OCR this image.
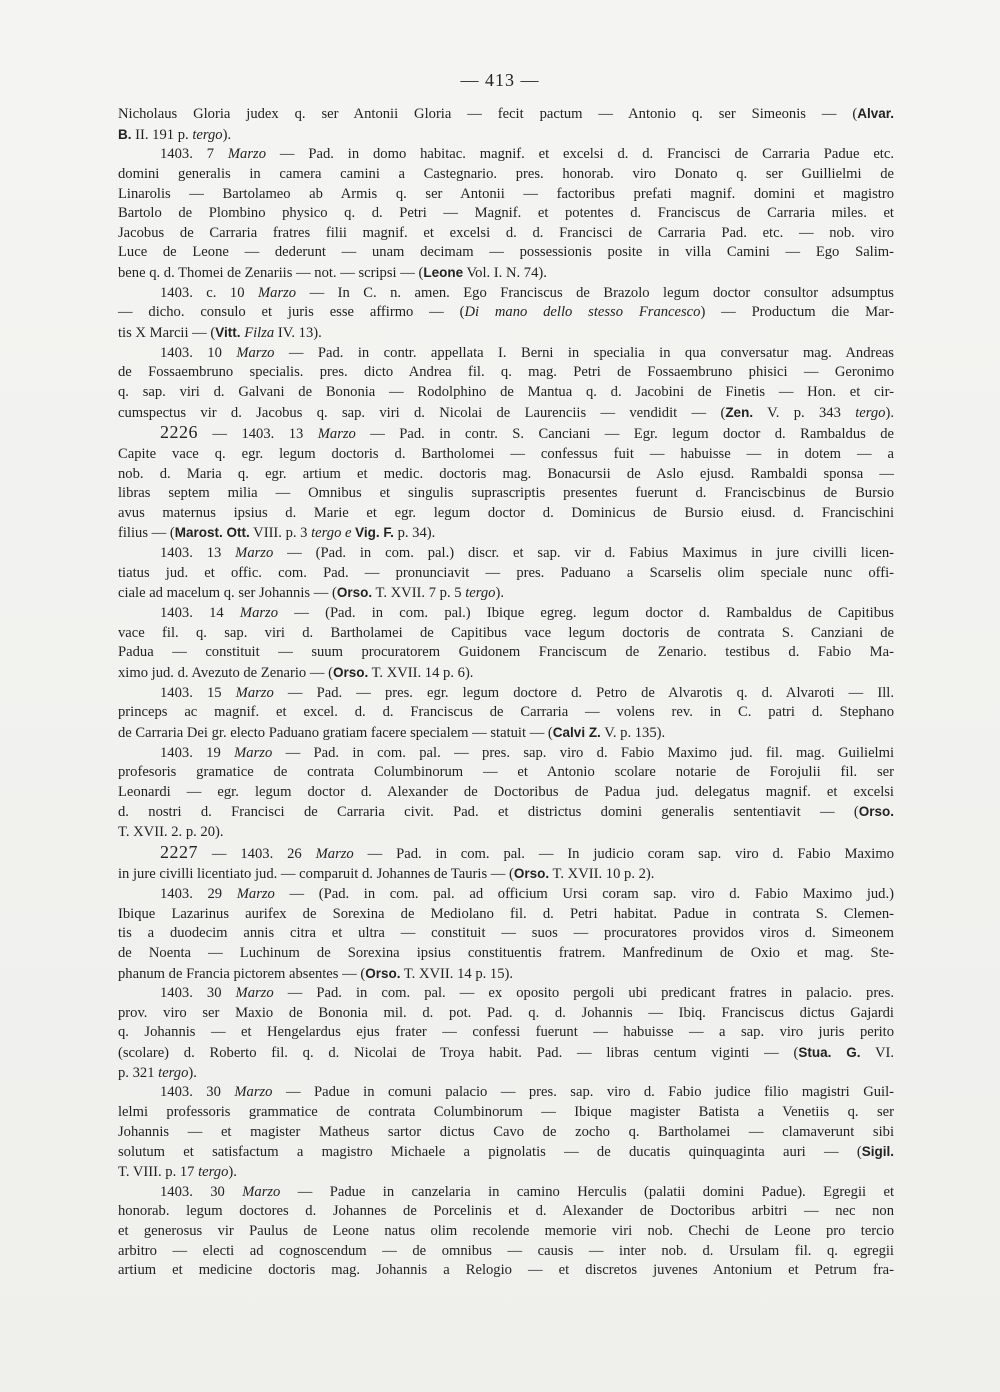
— 413 —
Nicholaus Gloria judex q. ser Antonii Gloria — fecit pactum — Antonio q. ser Simeonis — (Alvar.
B. II. 191 p. tergo).
1403. 7 Marzo — Pad. in domo habitac. magnif. et excelsi d. d. Francisci de Carraria Padue etc.
domini generalis in camera camini a Castegnario. pres. honorab. viro Donato q. ser Guillielmi de
Linarolis — Bartolameo ab Armis q. ser Antonii — factoribus prefati magnif. domini et magistro
Bartolo de Plombino physico q. d. Petri — Magnif. et potentes d. Franciscus de Carraria miles. et
Jacobus de Carraria fratres filii magnif. et excelsi d. d. Francisci de Carraria Pad. etc. — nob. viro
Luce de Leone — dederunt — unam decimam — possessionis posite in villa Camini — Ego Salim-
bene q. d. Thomei de Zenariis — not. — scripsi — (Leone Vol. I. N. 74).
1403. c. 10 Marzo — In C. n. amen. Ego Franciscus de Brazolo legum doctor consultor adsumptus
— dicho. consulo et juris esse affirmo — (Di mano dello stesso Francesco) — Productum die Mar-
tis X Marcii — (Vitt. Filza IV. 13).
1403. 10 Marzo — Pad. in contr. appellata I. Berni in specialia in qua conversatur mag. Andreas
de Fossaembruno specialis. pres. dicto Andrea fil. q. mag. Petri de Fossaembruno phisici — Geronimo
q. sap. viri d. Galvani de Bononia — Rodolphino de Mantua q. d. Jacobini de Finetis — Hon. et cir-
cumspectus vir d. Jacobus q. sap. viri d. Nicolai de Laurenciis — vendidit — (Zen. V. p. 343 tergo).
2226 — 1403. 13 Marzo — Pad. in contr. S. Canciani — Egr. legum doctor d. Rambaldus de
Capite vace q. egr. legum doctoris d. Bartholomei — confessus fuit — habuisse — in dotem — a
nob. d. Maria q. egr. artium et medic. doctoris mag. Bonacursii de Aslo ejusd. Rambaldi sponsa —
libras septem milia — Omnibus et singulis suprascriptis presentes fuerunt d. Franciscbinus de Bursio
avus maternus ipsius d. Marie et egr. legum doctor d. Dominicus de Bursio eiusd. d. Francischini
filius — (Marost. Ott. VIII. p. 3 tergo e Vig. F. p. 34).
1403. 13 Marzo — (Pad. in com. pal.) discr. et sap. vir d. Fabius Maximus in jure civilli licen-
tiatus jud. et offic. com. Pad. — pronunciavit — pres. Paduano a Scarselis olim speciale nunc offi-
ciale ad macelum q. ser Johannis — (Orso. T. XVII. 7 p. 5 tergo).
1403. 14 Marzo — (Pad. in com. pal.) Ibique egreg. legum doctor d. Rambaldus de Capitibus
vace fil. q. sap. viri d. Bartholamei de Capitibus vace legum doctoris de contrata S. Canziani de
Padua — constituit — suum procuratorem Guidonem Franciscum de Zenario. testibus d. Fabio Ma-
ximo jud. d. Avezuto de Zenario — (Orso. T. XVII. 14 p. 6).
1403. 15 Marzo — Pad. — pres. egr. legum doctore d. Petro de Alvarotis q. d. Alvaroti — Ill.
princeps ac magnif. et excel. d. d. Franciscus de Carraria — volens rev. in C. patri d. Stephano
de Carraria Dei gr. electo Paduano gratiam facere specialem — statuit — (Calvi Z. V. p. 135).
1403. 19 Marzo — Pad. in com. pal. — pres. sap. viro d. Fabio Maximo jud. fil. mag. Guilielmi
profesoris gramatice de contrata Columbinorum — et Antonio scolare notarie de Forojulii fil. ser
Leonardi — egr. legum doctor d. Alexander de Doctoribus de Padua jud. delegatus magnif. et excelsi
d. nostri d. Francisci de Carraria civit. Pad. et districtus domini generalis sententiavit — (Orso.
T. XVII. 2. p. 20).
2227 — 1403. 26 Marzo — Pad. in com. pal. — In judicio coram sap. viro d. Fabio Maximo
in jure civilli licentiato jud. — comparuit d. Johannes de Tauris — (Orso. T. XVII. 10 p. 2).
1403. 29 Marzo — (Pad. in com. pal. ad officium Ursi coram sap. viro d. Fabio Maximo jud.)
Ibique Lazarinus aurifex de Sorexina de Mediolano fil. d. Petri habitat. Padue in contrata S. Clemen-
tis a duodecim annis citra et ultra — constituit — suos — procuratores providos viros d. Simeonem
de Noenta — Luchinum de Sorexina ipsius constituentis fratrem. Manfredinum de Oxio et mag. Ste-
phanum de Francia pictorem absentes — (Orso. T. XVII. 14 p. 15).
1403. 30 Marzo — Pad. in com. pal. — ex oposito pergoli ubi predicant fratres in palacio. pres.
prov. viro ser Maxio de Bononia mil. d. pot. Pad. q. d. Johannis — Ibiq. Franciscus dictus Gajardi
q. Johannis — et Hengelardus ejus frater — confessi fuerunt — habuisse — a sap. viro juris perito
(scolare) d. Roberto fil. q. d. Nicolai de Troya habit. Pad. — libras centum viginti — (Stua. G. VI.
p. 321 tergo).
1403. 30 Marzo — Padue in comuni palacio — pres. sap. viro d. Fabio judice filio magistri Guil-
lelmi professoris grammatice de contrata Columbinorum — Ibique magister Batista a Venetiis q. ser
Johannis — et magister Matheus sartor dictus Cavo de zocho q. Bartholamei — clamaverunt sibi
solutum et satisfactum a magistro Michaele a pignolatis — de ducatis quinquaginta auri — (Sigil.
T. VIII. p. 17 tergo).
1403. 30 Marzo — Padue in canzelaria in camino Herculis (palatii domini Padue). Egregii et
honorab. legum doctores d. Johannes de Porcelinis et d. Alexander de Doctoribus arbitri — nec non
et generosus vir Paulus de Leone natus olim recolende memorie viri nob. Chechi de Leone pro tercio
arbitro — electi ad cognoscendum — de omnibus — causis — inter nob. d. Ursulam fil. q. egregii
artium et medicine doctoris mag. Johannis a Relogio — et discretos juvenes Antonium et Petrum fra-
